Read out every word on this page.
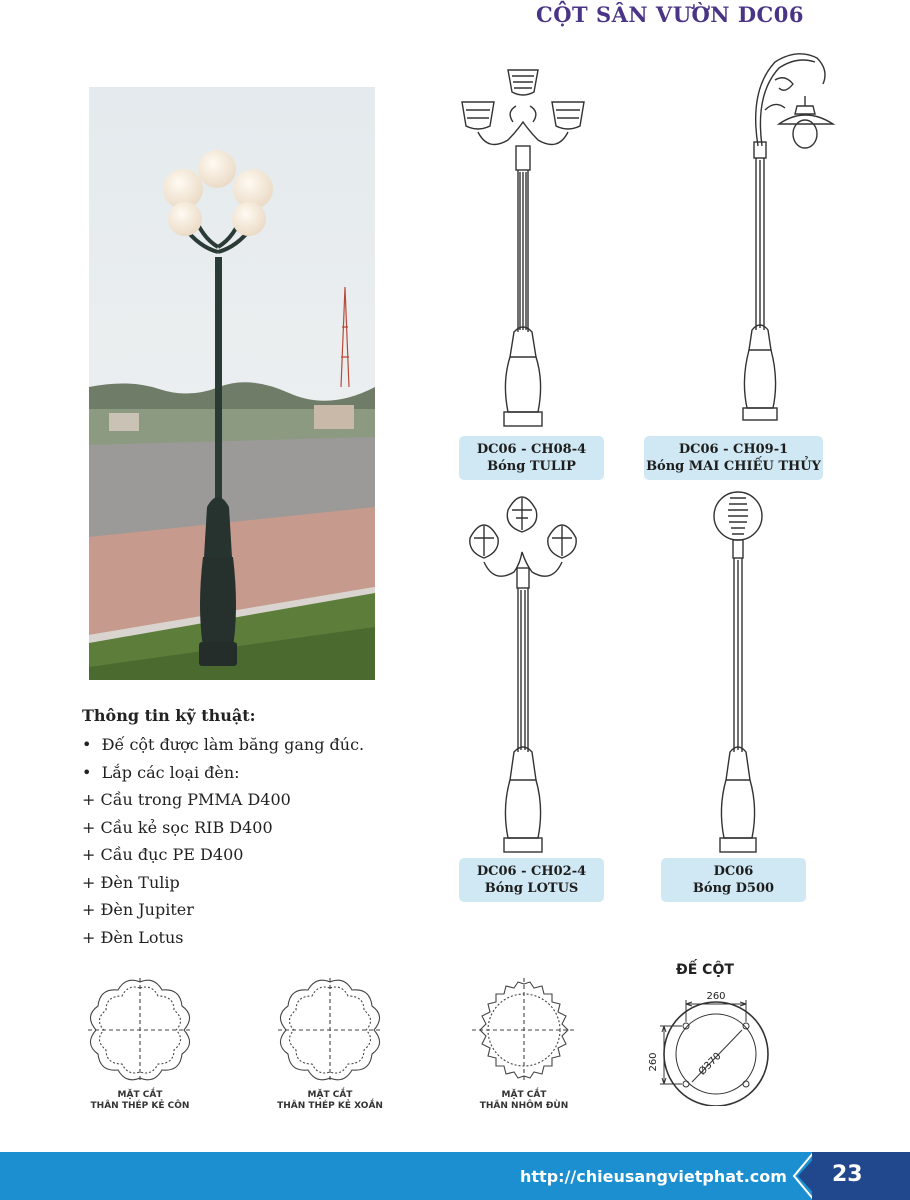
CỘT SÂN VƯỜN DC06
DC06 - CH08-4
Bóng TULIP
DC06 - CH09-1
Bóng MAI CHIẾU THỦY
DC06 - CH02-4
Bóng LOTUS
DC06
Bóng D500
Thông tin kỹ thuật:
•  Đế cột được làm băng gang đúc.
•  Lắp các loại đèn:
+ Cầu trong PMMA D400
+ Cầu kẻ sọc RIB D400
+ Cầu đục PE D400
+ Đèn Tulip
+ Đèn Jupiter
+ Đèn Lotus
MẶT CẮT
THÂN THÉP KẺ CÔN
MẶT CẮT
THÂN THÉP KẺ XOẮN
MẶT CẮT
THÂN NHÔM ĐÙN
ĐẾ CỘT
260
260	Ø370
http://chieusangvietphat.com 23
